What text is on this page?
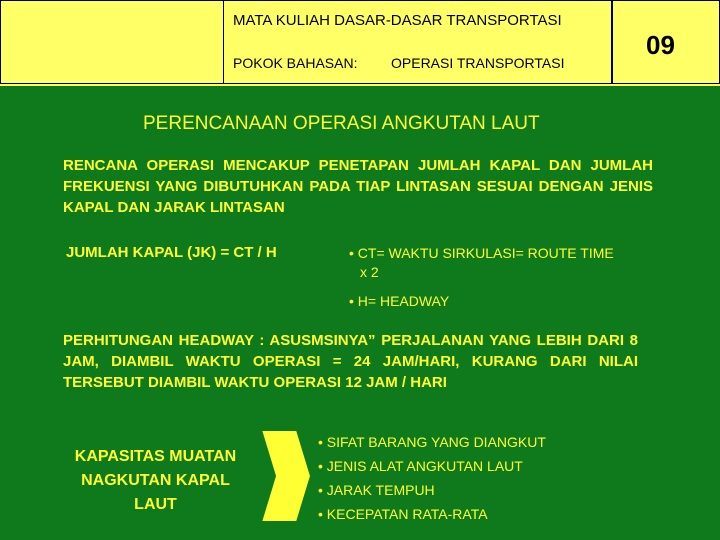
MATA KULIAH DASAR-DASAR TRANSPORTASI
POKOK BAHASAN: OPERASI TRANSPORTASI
09
PERENCANAAN OPERASI ANGKUTAN LAUT
RENCANA OPERASI MENCAKUP PENETAPAN JUMLAH KAPAL DAN JUMLAH FREKUENSI YANG DIBUTUHKAN PADA TIAP LINTASAN SESUAI DENGAN JENIS KAPAL DAN JARAK LINTASAN
JUMLAH KAPAL (JK) = CT / H	• CT= WAKTU SIRKULASI= ROUTE TIME
x 2
• H= HEADWAY
PERHITUNGAN HEADWAY : ASUSMSINYA” PERJALANAN YANG LEBIH DARI 8 JAM, DIAMBIL WAKTU OPERASI = 24 JAM/HARI, KURANG DARI NILAI TERSEBUT DIAMBIL WAKTU OPERASI 12 JAM / HARI
KAPASITAS MUATAN NAGKUTAN KAPAL LAUT
• SIFAT BARANG YANG DIANGKUT
• JENIS ALAT ANGKUTAN LAUT
• JARAK TEMPUH
• KECEPATAN RATA-RATA
